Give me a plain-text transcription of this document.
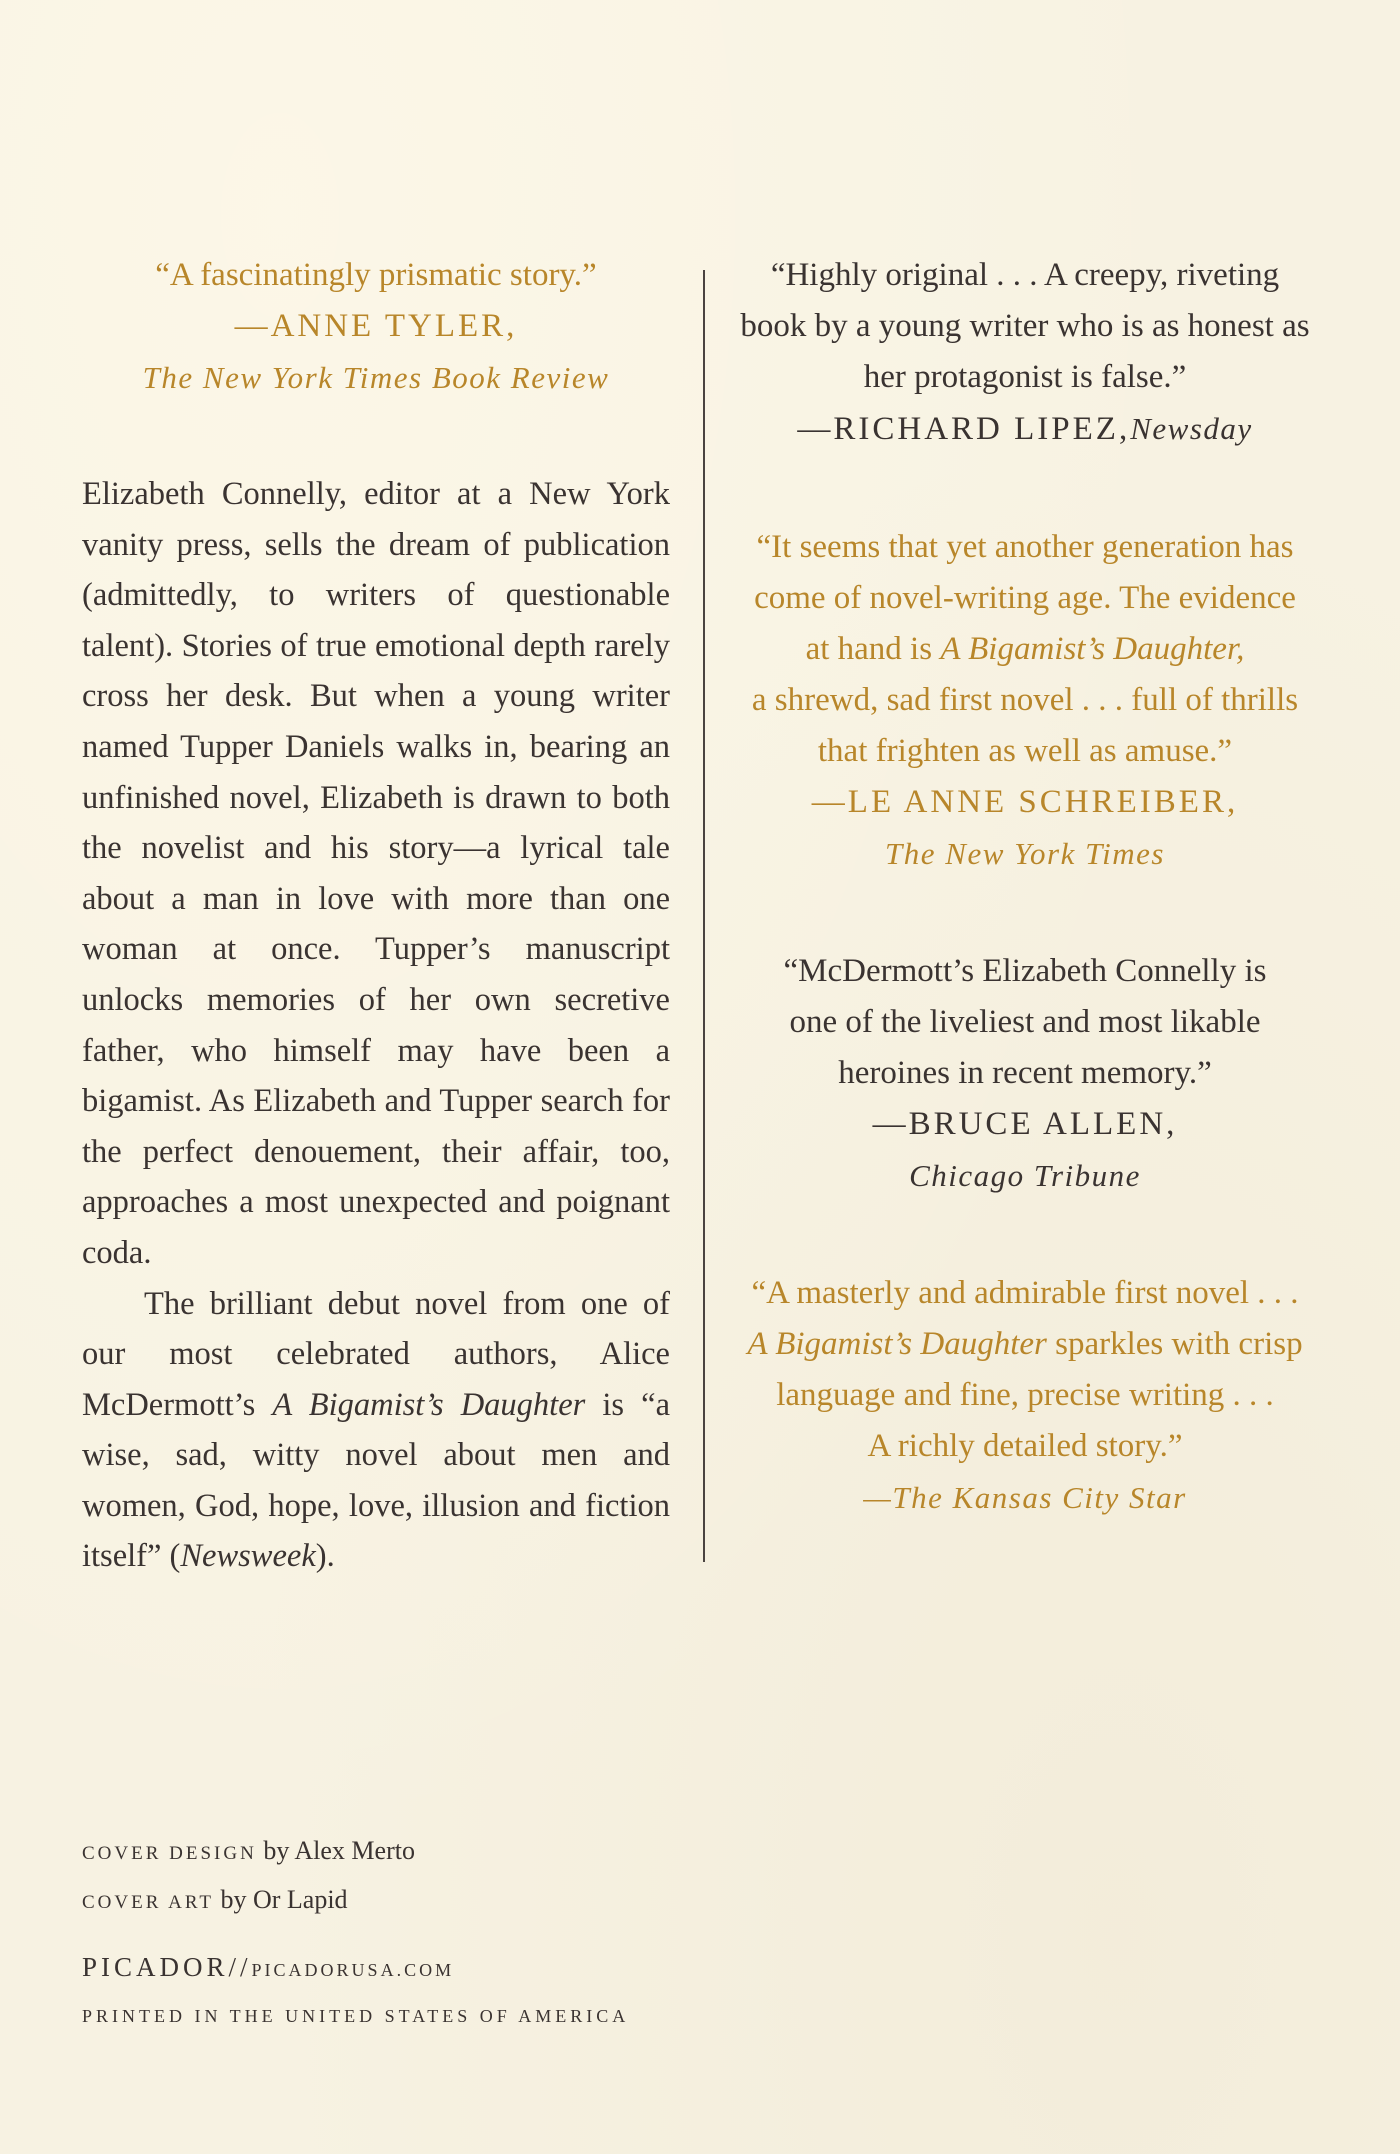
“A fascinatingly prismatic story.”
—ANNE TYLER,
The New York Times Book Review

Elizabeth Connelly, editor at a New York vanity press, sells the dream of publication (admittedly, to writers of questionable talent). Stories of true emotional depth rarely cross her desk. But when a young writer named Tupper Daniels walks in, bearing an unfinished novel, Elizabeth is drawn to both the novelist and his story—a lyrical tale about a man in love with more than one woman at once. Tupper’s manuscript unlocks memories of her own secretive father, who himself may have been a bigamist. As Elizabeth and Tupper search for the perfect denouement, their affair, too, approaches a most unexpected and poignant coda.

The brilliant debut novel from one of our most celebrated authors, Alice McDermott’s A Bigamist’s Daughter is “a wise, sad, witty novel about men and women, God, hope, love, illusion and fiction itself” (Newsweek).

“Highly original . . . A creepy, riveting
book by a young writer who is as honest as
her protagonist is false.”
—RICHARD LIPEZ,Newsday
“It seems that yet another generation has
come of novel-writing age. The evidence
at hand is A Bigamist’s Daughter,
a shrewd, sad first novel . . . full of thrills
that frighten as well as amuse.”
—LE ANNE SCHREIBER,
The New York Times
“McDermott’s Elizabeth Connelly is
one of the liveliest and most likable
heroines in recent memory.”
—BRUCE ALLEN,
Chicago Tribune
“A masterly and admirable first novel . . .
A Bigamist’s Daughter sparkles with crisp
language and fine, precise writing . . .
A richly detailed story.”
—The Kansas City Star
COVER DESIGN by Alex Merto
COVER ART by Or Lapid
PICADOR//PICADORUSA.COM
PRINTED IN THE UNITED STATES OF AMERICA
